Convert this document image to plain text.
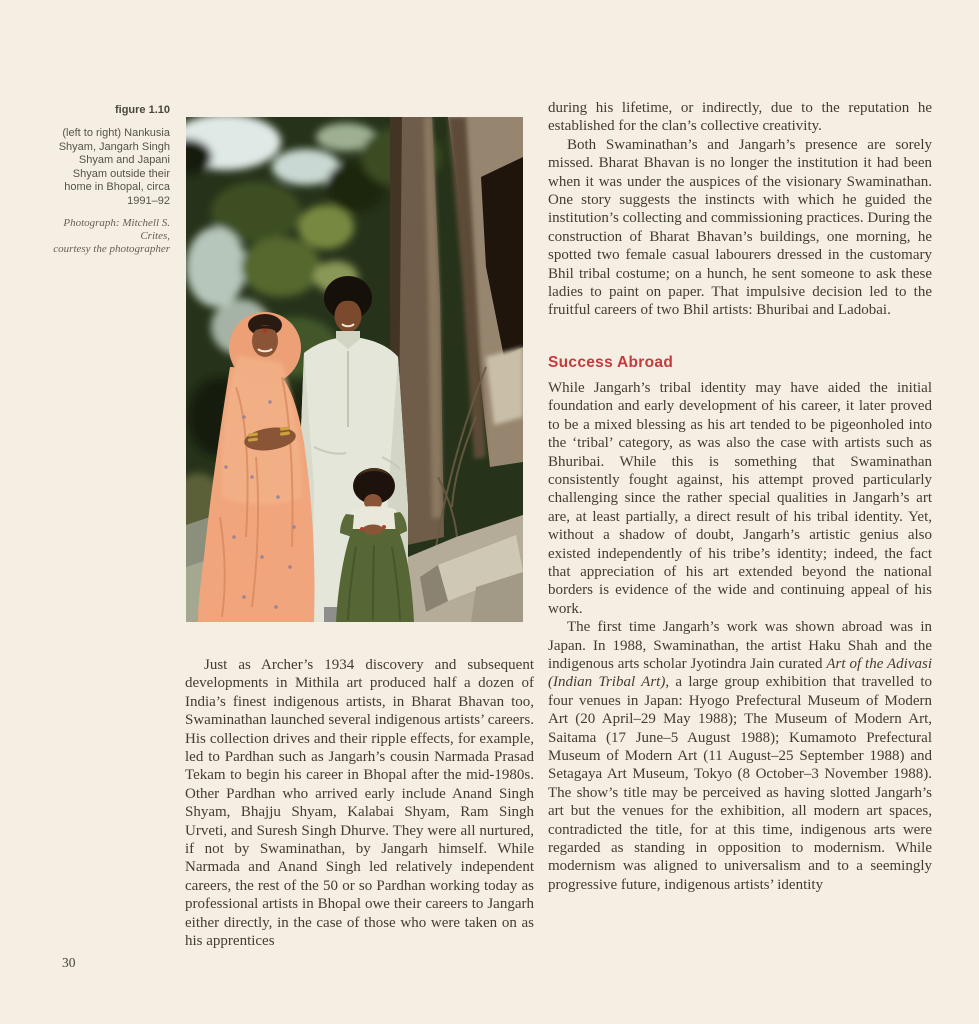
figure 1.10

(left to right) Nankusia Shyam, Jangarh Singh Shyam and Japani Shyam outside their home in Bhopal, circa 1991–92

Photograph: Mitchell S. Crites,
courtesy the photographer

Just as Archer’s 1934 discovery and subsequent developments in Mithila art produced half a dozen of India’s finest indigenous artists, in Bharat Bhavan too, Swaminathan launched several indigenous artists’ careers. His collection drives and their ripple effects, for example, led to Pardhan such as Jangarh’s cousin Narmada Prasad Tekam to begin his career in Bhopal after the mid-1980s. Other Pardhan who arrived early include Anand Singh Shyam, Bhajju Shyam, Kalabai Shyam, Ram Singh Urveti, and Suresh Singh Dhurve. They were all nurtured, if not by Swaminathan, by Jangarh himself. While Narmada and Anand Singh led relatively independent careers, the rest of the 50 or so Pardhan working today as professional artists in Bhopal owe their careers to Jangarh either directly, in the case of those who were taken on as his apprentices

during his lifetime, or indirectly, due to the reputation he established for the clan’s collective creativity.

Both Swaminathan’s and Jangarh’s presence are sorely missed. Bharat Bhavan is no longer the institution it had been when it was under the auspices of the visionary Swaminathan. One story suggests the instincts with which he guided the institution’s collecting and commissioning practices. During the construction of Bharat Bhavan’s buildings, one morning, he spotted two female casual labourers dressed in the customary Bhil tribal costume; on a hunch, he sent someone to ask these ladies to paint on paper. That impulsive decision led to the fruitful careers of two Bhil artists: Bhuribai and Ladobai.

Success Abroad

While Jangarh’s tribal identity may have aided the initial foundation and early development of his career, it later proved to be a mixed blessing as his art tended to be pigeonholed into the ‘tribal’ category, as was also the case with artists such as Bhuribai. While this is something that Swaminathan consistently fought against, his attempt proved particularly challenging since the rather special qualities in Jangarh’s art are, at least partially, a direct result of his tribal identity. Yet, without a shadow of doubt, Jangarh’s artistic genius also existed independently of his tribe’s identity; indeed, the fact that appreciation of his art extended beyond the national borders is evidence of the wide and continuing appeal of his work.

The first time Jangarh’s work was shown abroad was in Japan. In 1988, Swaminathan, the artist Haku Shah and the indigenous arts scholar Jyotindra Jain curated Art of the Adivasi (Indian Tribal Art), a large group exhibition that travelled to four venues in Japan: Hyogo Prefectural Museum of Modern Art (20 April–29 May 1988); The Museum of Modern Art, Saitama (17 June–5 August 1988); Kumamoto Prefectural Museum of Modern Art (11 August–25 September 1988) and Setagaya Art Museum, Tokyo (8 October–3 November 1988). The show’s title may be perceived as having slotted Jangarh’s art but the venues for the exhibition, all modern art spaces, contradicted the title, for at this time, indigenous arts were regarded as standing in opposition to modernism. While modernism was aligned to universalism and to a seemingly progressive future, indigenous artists’ identity

30
